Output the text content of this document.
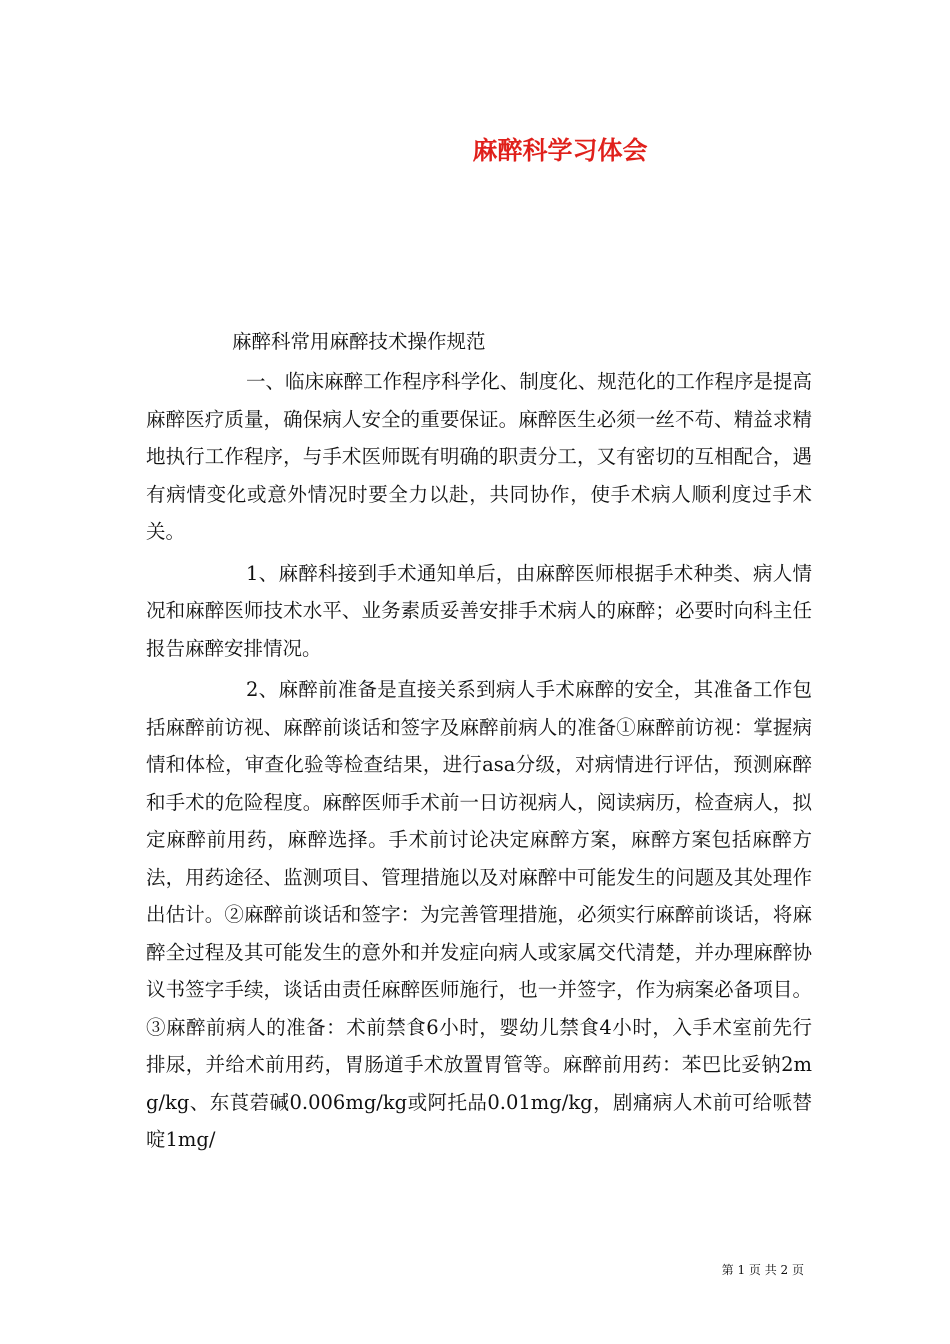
麻醉科学习体会

麻醉科常用麻醉技术操作规范

一、临床麻醉工作程序科学化、制度化、规范化的工作程序是提高麻醉医疗质量，确保病人安全的重要保证。麻醉医生必须一丝不苟、精益求精地执行工作程序，与手术医师既有明确的职责分工，又有密切的互相配合，遇有病情变化或意外情况时要全力以赴，共同协作，使手术病人顺利度过手术关。

1、麻醉科接到手术通知单后，由麻醉医师根据手术种类、病人情况和麻醉医师技术水平、业务素质妥善安排手术病人的麻醉；必要时向科主任报告麻醉安排情况。

2、麻醉前准备是直接关系到病人手术麻醉的安全，其准备工作包括麻醉前访视、麻醉前谈话和签字及麻醉前病人的准备①麻醉前访视：掌握病情和体检，审查化验等检查结果，进行asa分级，对病情进行评估，预测麻醉和手术的危险程度。麻醉医师手术前一日访视病人，阅读病历，检查病人，拟定麻醉前用药，麻醉选择。手术前讨论决定麻醉方案，麻醉方案包括麻醉方法，用药途径、监测项目、管理措施以及对麻醉中可能发生的问题及其处理作出估计。②麻醉前谈话和签字：为完善管理措施，必须实行麻醉前谈话，将麻醉全过程及其可能发生的意外和并发症向病人或家属交代清楚，并办理麻醉协议书签字手续，谈话由责任麻醉医师施行，也一并签字，作为病案必备项目。③麻醉前病人的准备：术前禁食6小时，婴幼儿禁食4小时，入手术室前先行排尿，并给术前用药，胃肠道手术放置胃管等。麻醉前用药：苯巴比妥钠2mg/kg、东莨菪碱0.006mg/kg或阿托品0.01mg/kg，剧痛病人术前可给哌替啶1mg/

第 1 页 共 2 页
